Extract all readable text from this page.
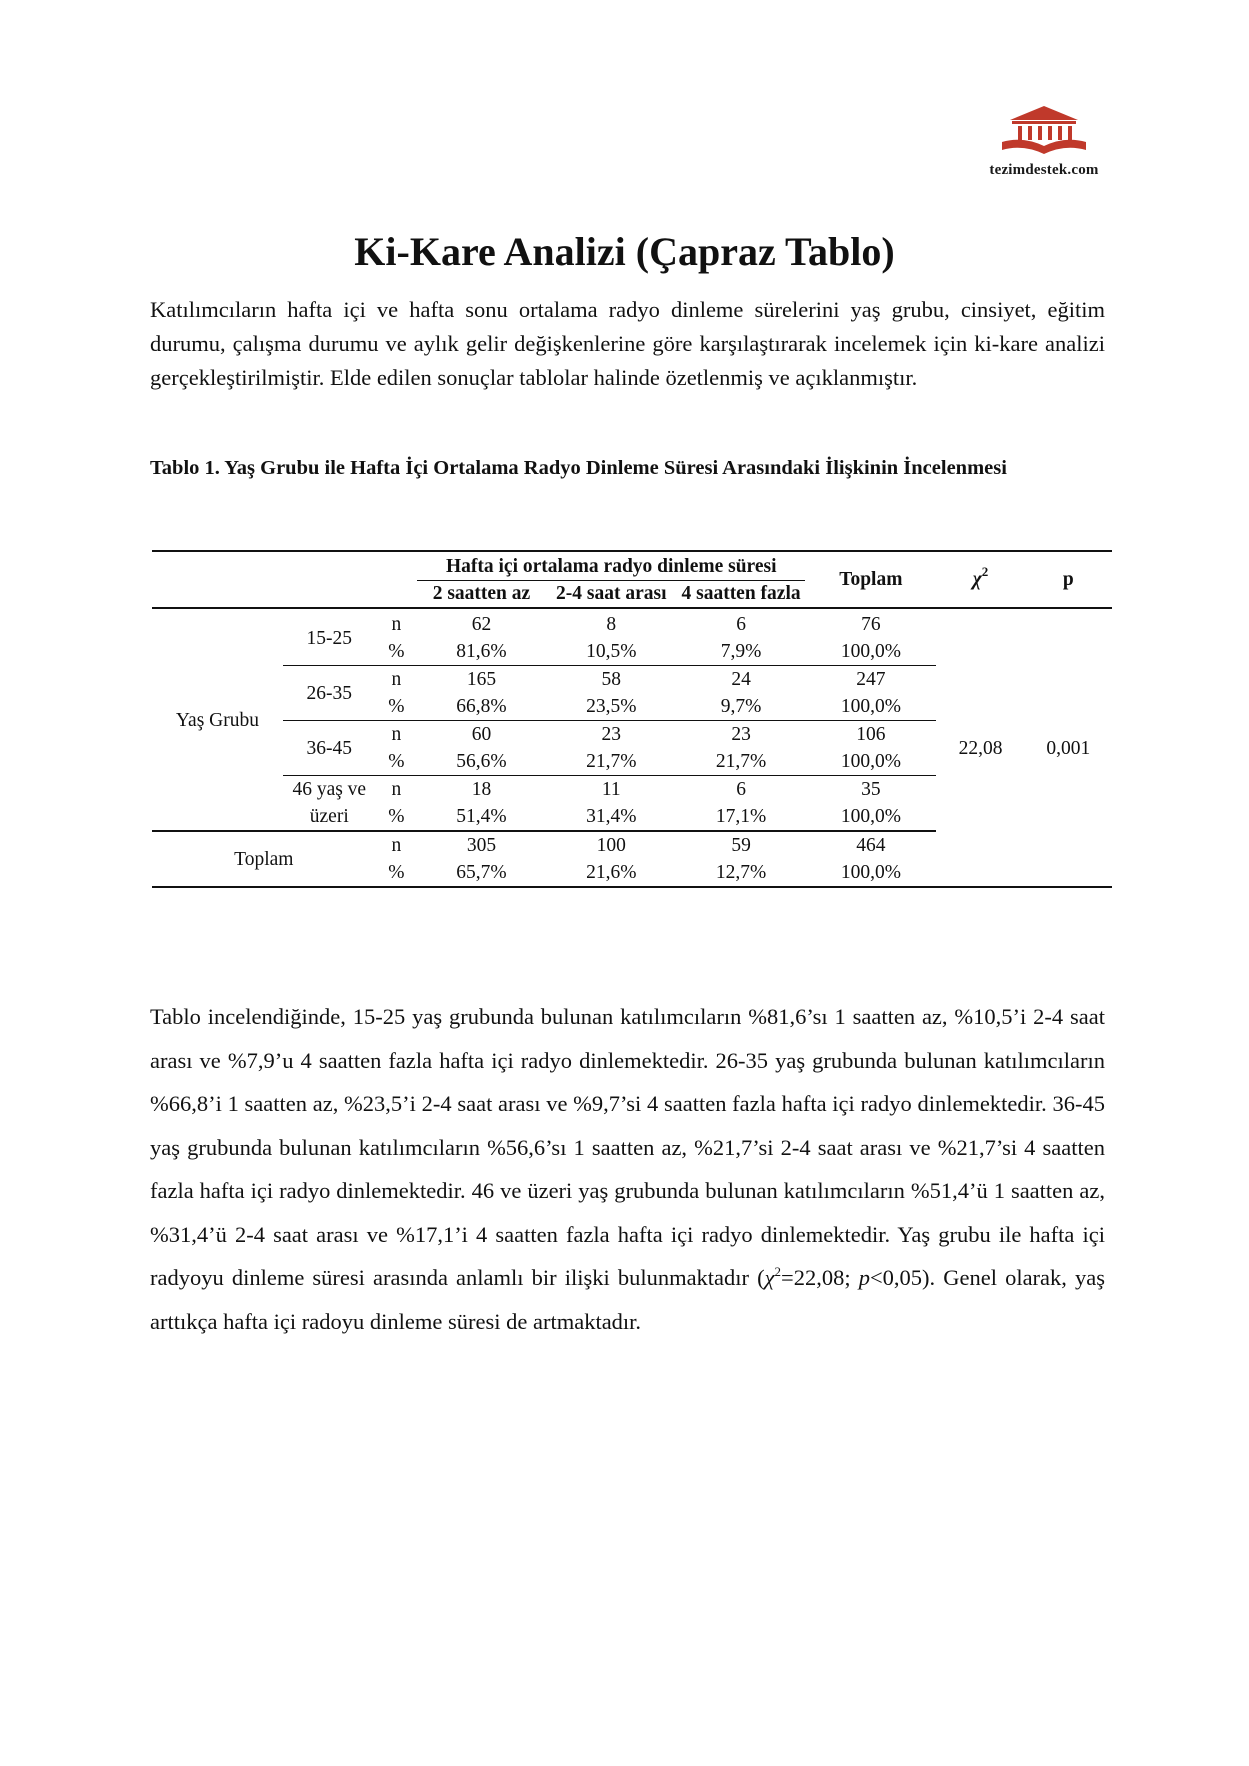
tezimdestek.com
Ki-Kare Analizi (Çapraz Tablo)

Katılımcıların hafta içi ve hafta sonu ortalama radyo dinleme sürelerini yaş grubu, cinsiyet, eğitim durumu, çalışma durumu ve aylık gelir değişkenlerine göre karşılaştırarak incelemek için ki-kare analizi gerçekleştirilmiştir. Elde edilen sonuçlar tablolar halinde özetlenmiş ve açıklanmıştır.

Tablo 1. Yaş Grubu ile Hafta İçi Ortalama Radyo Dinleme Süresi Arasındaki İlişkinin İncelenmesi
			Hafta içi ortalama radyo dinleme süresi			Toplam	$\chi^2$	p
			2 saatten az	2-4 saat arası	4 saatten fazla			

Yaş Grubu	15-25	n	62	8	6	76	22,08	0,001
		%	81,6%	10,5%	7,9%	100,0%		
	26-35	n	165	58	24	247		
		%	66,8%	23,5%	9,7%	100,0%		
	36-45	n	60	23	23	106		
		%	56,6%	21,7%	21,7%	100,0%		
	46 yaş ve üzeri	n	18	11	6	35		
		%	51,4%	31,4%	17,1%	100,0%		
Toplam		n	305	100	59	464		
		%	65,7%	21,6%	12,7%	100,0%		

Tablo incelendiğinde, 15-25 yaş grubunda bulunan katılımcıların %81,6’sı 1 saatten az, %10,5’i 2-4 saat arası ve %7,9’u 4 saatten fazla hafta içi radyo dinlemektedir. 26-35 yaş grubunda bulunan katılımcıların %66,8’i 1 saatten az, %23,5’i 2-4 saat arası ve %9,7’si 4 saatten fazla hafta içi radyo dinlemektedir. 36-45 yaş grubunda bulunan katılımcıların %56,6’sı 1 saatten az, %21,7’si 2-4 saat arası ve %21,7’si 4 saatten fazla hafta içi radyo dinlemektedir. 46 ve üzeri yaş grubunda bulunan katılımcıların %51,4’ü 1 saatten az, %31,4’ü 2-4 saat arası ve %17,1’i 4 saatten fazla hafta içi radyo dinlemektedir. Yaş grubu ile hafta içi radyoyu dinleme süresi arasında anlamlı bir ilişki bulunmaktadır ($\chi^2=22,08$; p<0,05). Genel olarak, yaş arttıkça hafta içi radoyu dinleme süresi de artmaktadır.
